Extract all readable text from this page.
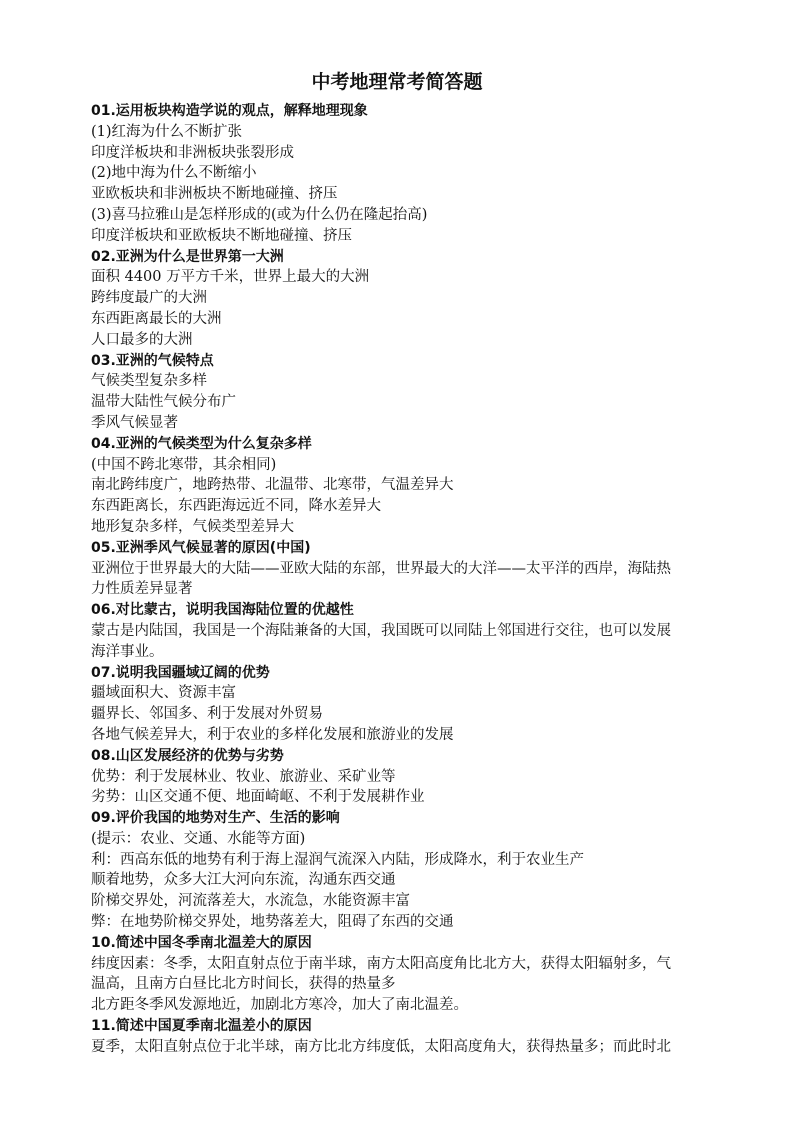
中考地理常考简答题
01.运用板块构造学说的观点，解释地理现象
(1)红海为什么不断扩张
印度洋板块和非洲板块张裂形成
(2)地中海为什么不断缩小
亚欧板块和非洲板块不断地碰撞、挤压
(3)喜马拉雅山是怎样形成的(或为什么仍在隆起抬高)
印度洋板块和亚欧板块不断地碰撞、挤压
02.亚洲为什么是世界第一大洲
面积 4400 万平方千米，世界上最大的大洲
跨纬度最广的大洲
东西距离最长的大洲
人口最多的大洲
03.亚洲的气候特点
气候类型复杂多样
温带大陆性气候分布广
季风气候显著
04.亚洲的气候类型为什么复杂多样
(中国不跨北寒带，其余相同)
南北跨纬度广，地跨热带、北温带、北寒带，气温差异大
东西距离长，东西距海远近不同，降水差异大
地形复杂多样，气候类型差异大
05.亚洲季风气候显著的原因(中国)
亚洲位于世界最大的大陆——亚欧大陆的东部，世界最大的大洋——太平洋的西岸，海陆热
力性质差异显著
06.对比蒙古，说明我国海陆位置的优越性
蒙古是内陆国，我国是一个海陆兼备的大国，我国既可以同陆上邻国进行交往，也可以发展
海洋事业。
07.说明我国疆域辽阔的优势
疆域面积大、资源丰富
疆界长、邻国多、利于发展对外贸易
各地气候差异大，利于农业的多样化发展和旅游业的发展
08.山区发展经济的优势与劣势
优势：利于发展林业、牧业、旅游业、采矿业等
劣势：山区交通不便、地面崎岖、不利于发展耕作业
09.评价我国的地势对生产、生活的影响
(提示：农业、交通、水能等方面)
利：西高东低的地势有利于海上湿润气流深入内陆，形成降水，利于农业生产
顺着地势，众多大江大河向东流，沟通东西交通
阶梯交界处，河流落差大，水流急，水能资源丰富
弊：在地势阶梯交界处，地势落差大，阻碍了东西的交通
10.简述中国冬季南北温差大的原因
纬度因素：冬季，太阳直射点位于南半球，南方太阳高度角比北方大，获得太阳辐射多，气
温高，且南方白昼比北方时间长，获得的热量多
北方距冬季风发源地近，加剧北方寒冷，加大了南北温差。
11.简述中国夏季南北温差小的原因
夏季，太阳直射点位于北半球，南方比北方纬度低，太阳高度角大，获得热量多；而此时北
